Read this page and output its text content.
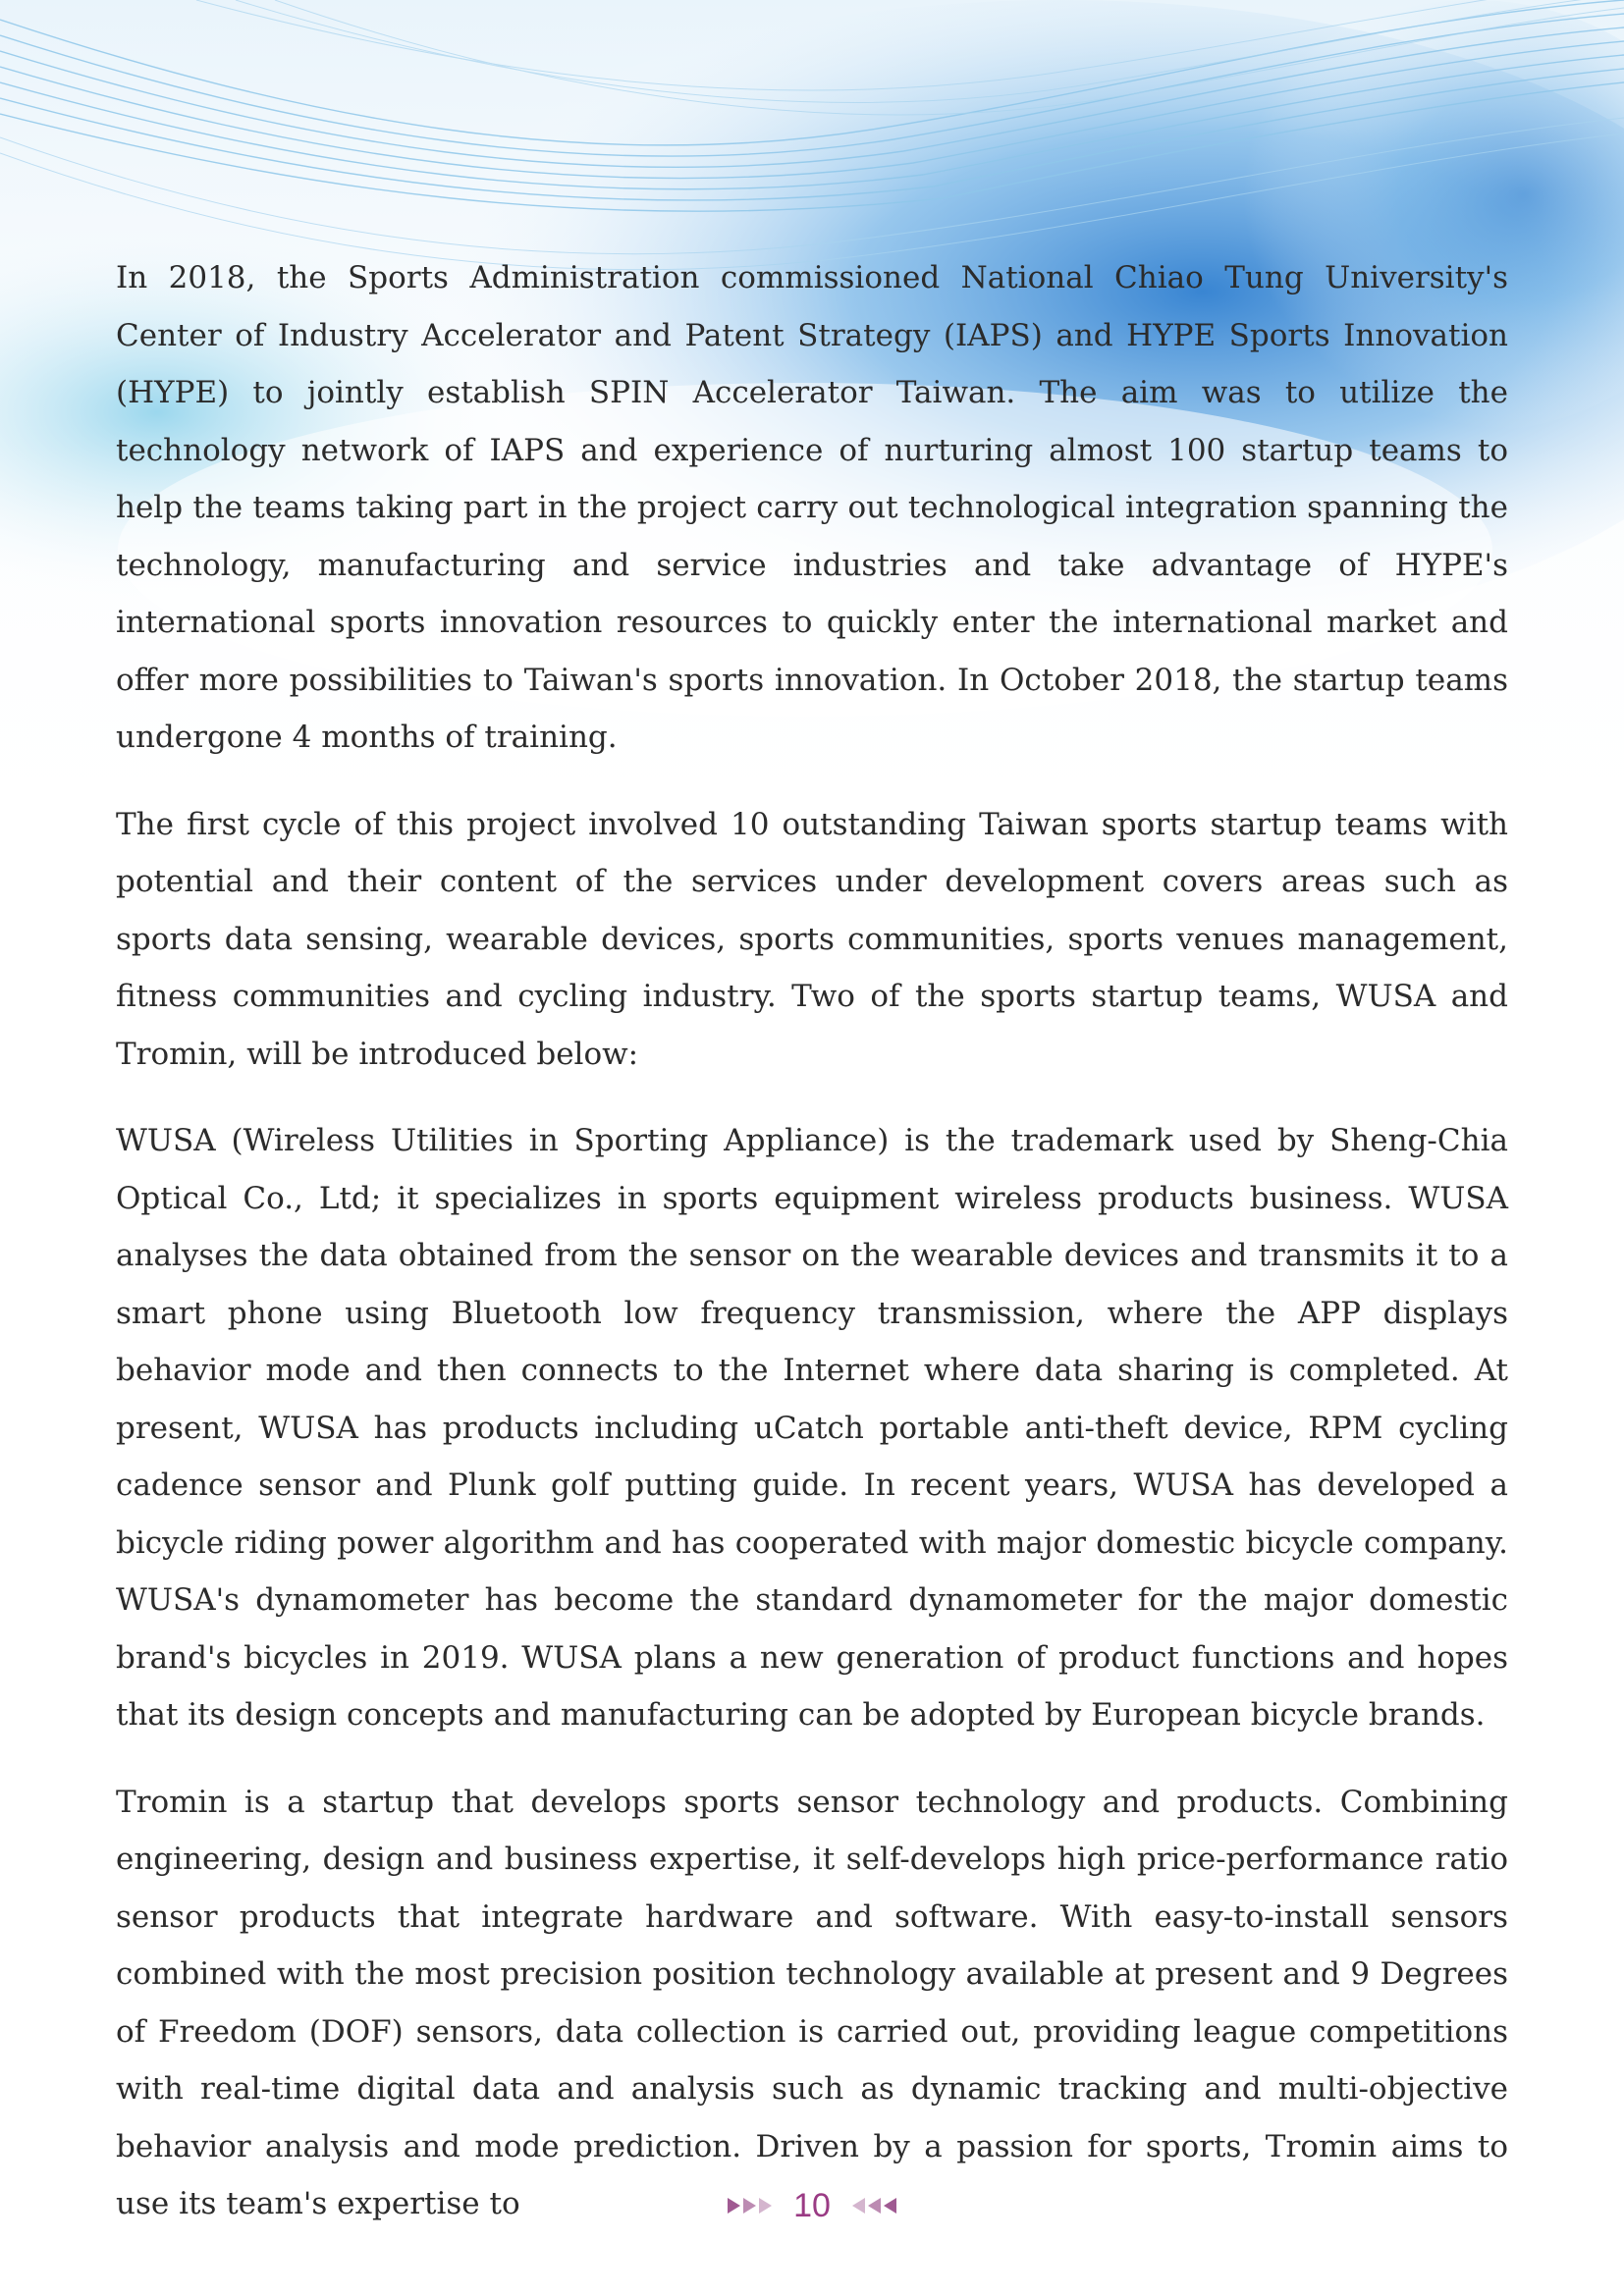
In 2018, the Sports Administration commissioned National Chiao Tung University's Center of Industry Accelerator and Patent Strategy (IAPS) and HYPE Sports Innovation (HYPE) to jointly establish SPIN Accelerator Taiwan. The aim was to utilize the technology network of IAPS and experience of nurturing almost 100 startup teams to help the teams taking part in the project carry out technological integration spanning the technology, manufacturing and service industries and take advantage of HYPE's international sports innovation resources to quickly enter the international market and offer more possibilities to Taiwan's sports innovation. In October 2018, the startup teams undergone 4 months of training.

The first cycle of this project involved 10 outstanding Taiwan sports startup teams with potential and their content of the services under development covers areas such as sports data sensing, wearable devices, sports communities, sports venues management, fitness communities and cycling industry. Two of the sports startup teams, WUSA and Tromin, will be introduced below:

WUSA (Wireless Utilities in Sporting Appliance) is the trademark used by Sheng-Chia Optical Co., Ltd; it specializes in sports equipment wireless products business. WUSA analyses the data obtained from the sensor on the wearable devices and transmits it to a smart phone using Bluetooth low frequency transmission, where the APP displays behavior mode and then connects to the Internet where data sharing is completed. At present, WUSA has products including uCatch portable anti-theft device, RPM cycling cadence sensor and Plunk golf putting guide. In recent years, WUSA has developed a bicycle riding power algorithm and has cooperated with major domestic bicycle company. WUSA's dynamometer has become the standard dynamometer for the major domestic brand's bicycles in 2019. WUSA plans a new generation of product functions and hopes that its design concepts and manufacturing can be adopted by European bicycle brands.

Tromin is a startup that develops sports sensor technology and products. Combining engineering, design and business expertise, it self-develops high price-performance ratio sensor products that integrate hardware and software. With easy-to-install sensors combined with the most precision position technology available at present and 9 Degrees of Freedom (DOF) sensors, data collection is carried out, providing league competitions with real-time digital data and analysis such as dynamic tracking and multi-objective behavior analysis and mode prediction. Driven by a passion for sports, Tromin aims to use its team's expertise to	10
